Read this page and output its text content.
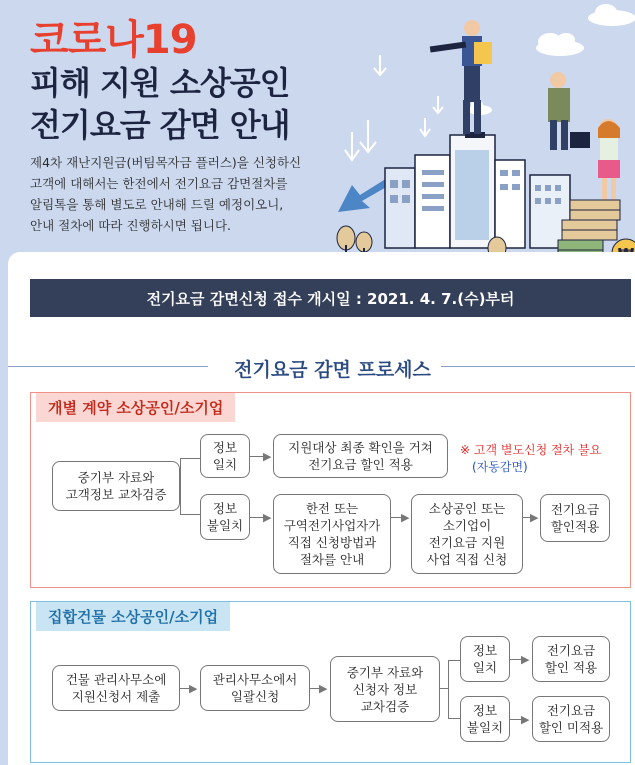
코로나19
피해 지원 소상공인
전기요금 감면 안내
제4차 재난지원금(버팀목자금 플러스)을 신청하신
고객에 대해서는 한전에서 전기요금 감면절차를
알림톡을 통해 별도로 안내해 드릴 예정이오니,
안내 절차에 따라 진행하시면 됩니다.
전기요금 감면신청 접수 개시일 : 2021. 4. 7.(수)부터
전기요금 감면 프로세스
개별 계약 소상공인/소기업
중기부 자료와
고객정보 교차검증
정보
일치
정보
불일치
▶
지원대상 최종 확인을 거쳐
전기요금 할인 적용
※ 고객 별도신청 절차 불요
(자동감면)
▶
한전 또는
구역전기사업자가
직접 신청방법과
절차를 안내
▶
소상공인 또는
소기업이
전기요금 지원
사업 직접 신청
▶
전기요금
할인적용
집합건물 소상공인/소기업
건물 관리사무소에
지원신청서 제출
▶
관리사무소에서
일괄신청
▶
중기부 자료와
신청자 정보
교차검증
정보
일치
정보
불일치
▶
전기요금
할인 적용
▶
전기요금
할인 미적용
